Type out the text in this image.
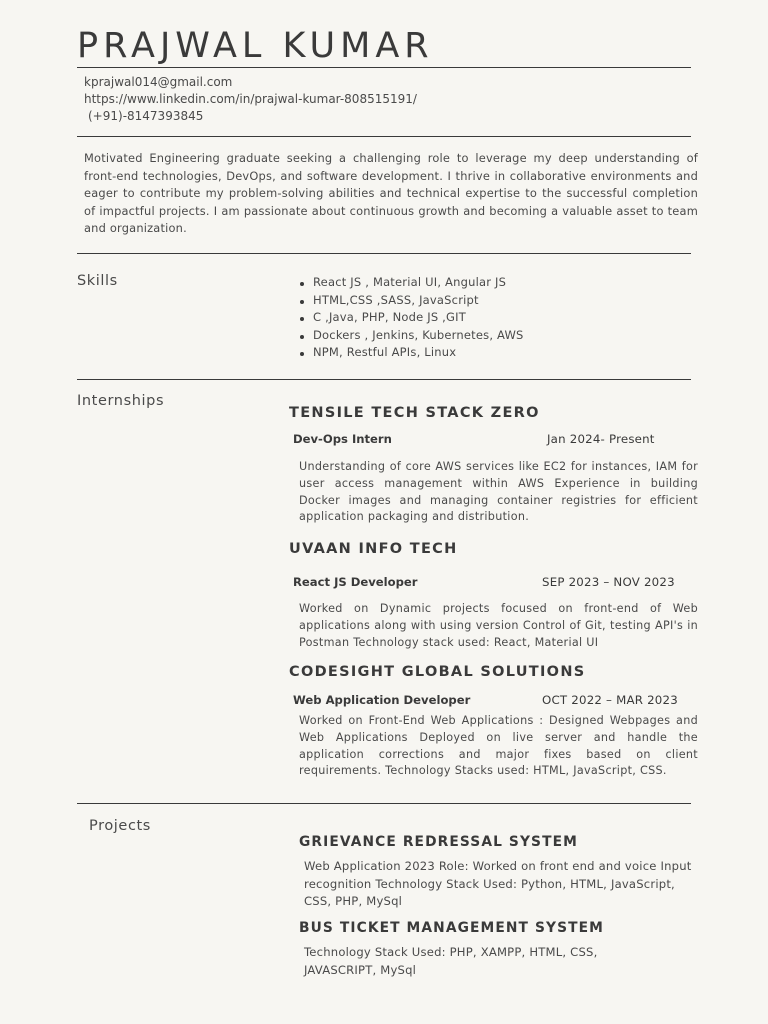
PRAJWAL KUMAR
kprajwal014@gmail.com
https://www.linkedin.com/in/prajwal-kumar-808515191/
(+91)-8147393845
Motivated Engineering graduate seeking a challenging role to leverage my deep understanding of front-end technologies, DevOps, and software development. I thrive in collaborative environments and eager to contribute my problem-solving abilities and technical expertise to the successful completion of impactful projects. I am passionate about continuous growth and becoming a valuable asset to team and organization.
Skills	React JS , Material UI, Angular JS
HTML,CSS ,SASS, JavaScript
C ,Java, PHP, Node JS ,GIT
Dockers , Jenkins, Kubernetes, AWS
NPM, Restful APIs, Linux
Internships
TENSILE TECH STACK ZERO
Dev-Ops Intern	Jan 2024- Present
Understanding of core AWS services like EC2 for instances, IAM for user access management within AWS Experience in building Docker images and managing container registries for efficient application packaging and distribution.
UVAAN INFO TECH
React JS Developer	SEP 2023 – NOV 2023
Worked on Dynamic projects focused on front-end of Web applications along with using version Control of Git, testing API's in Postman Technology stack used: React, Material UI
CODESIGHT GLOBAL SOLUTIONS
Web Application Developer	OCT 2022 – MAR 2023
Worked on Front-End Web Applications : Designed Webpages and Web Applications Deployed on live server and handle the application corrections and major fixes based on client requirements. Technology Stacks used: HTML, JavaScript, CSS.
Projects
GRIEVANCE REDRESSAL SYSTEM
Web Application 2023 Role: Worked on front end and voice Input recognition Technology Stack Used: Python, HTML, JavaScript, CSS, PHP, MySql
BUS TICKET MANAGEMENT SYSTEM
Technology Stack Used: PHP, XAMPP, HTML, CSS, JAVASCRIPT, MySql
